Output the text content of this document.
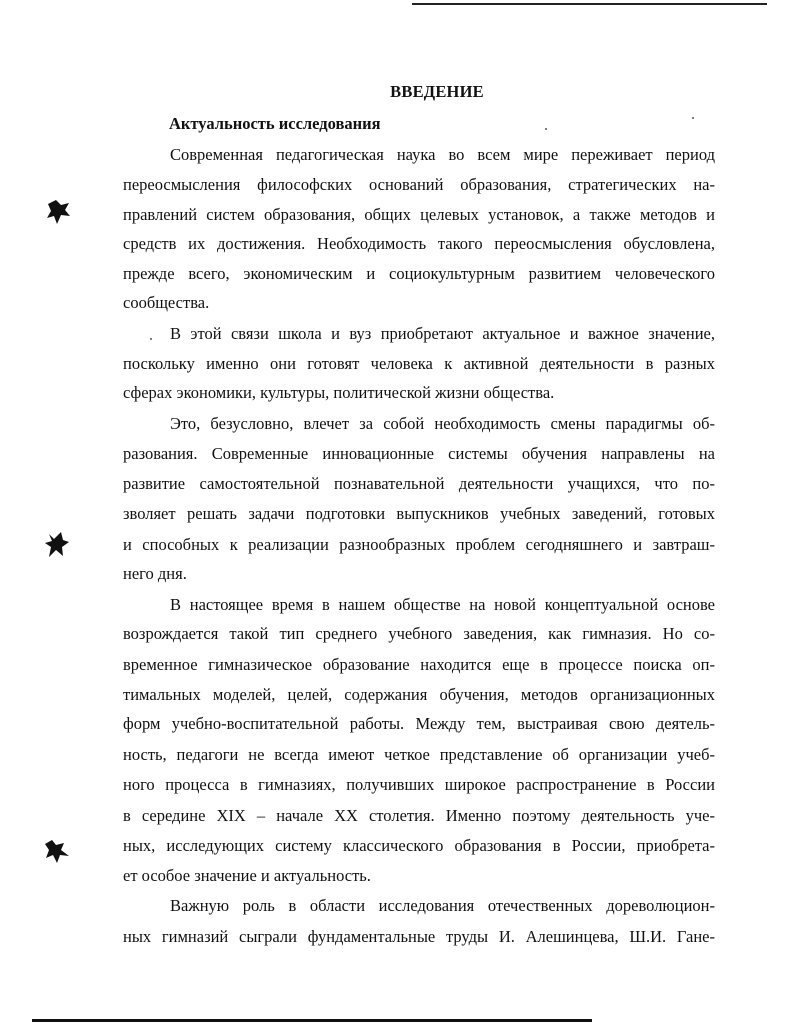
ВВЕДЕНИЕ
Актуальность исследования
Современная педагогическая наука во всем мире переживает период
переосмысления философских оснований образования, стратегических на-
правлений систем образования, общих целевых установок, а также методов и
средств их достижения. Необходимость такого переосмысления обусловлена,
прежде всего, экономическим и социокультурным развитием человеческого
сообщества.
В этой связи школа и вуз приобретают актуальное и важное значение,
поскольку именно они готовят человека к активной деятельности в разных
сферах экономики, культуры, политической жизни общества.
Это, безусловно, влечет за собой необходимость смены парадигмы об-
разования. Современные инновационные системы обучения направлены на
развитие самостоятельной познавательной деятельности учащихся, что по-
зволяет решать задачи подготовки выпускников учебных заведений, готовых
и способных к реализации разнообразных проблем сегодняшнего и завтраш-
него дня.
В настоящее время в нашем обществе на новой концептуальной основе
возрождается такой тип среднего учебного заведения, как гимназия. Но со-
временное гимназическое образование находится еще в процессе поиска оп-
тимальных моделей, целей, содержания обучения, методов организационных
форм учебно-воспитательной работы. Между тем, выстраивая свою деятель-
ность, педагоги не всегда имеют четкое представление об организации учеб-
ного процесса в гимназиях, получивших широкое распространение в России
в середине XIX – начале XX столетия. Именно поэтому деятельность уче-
ных, исследующих систему классического образования в России, приобрета-
ет особое значение и актуальность.
Важную роль в области исследования отечественных дореволюцион-
ных гимназий сыграли фундаментальные труды И. Алешинцева, Ш.И. Гане-
